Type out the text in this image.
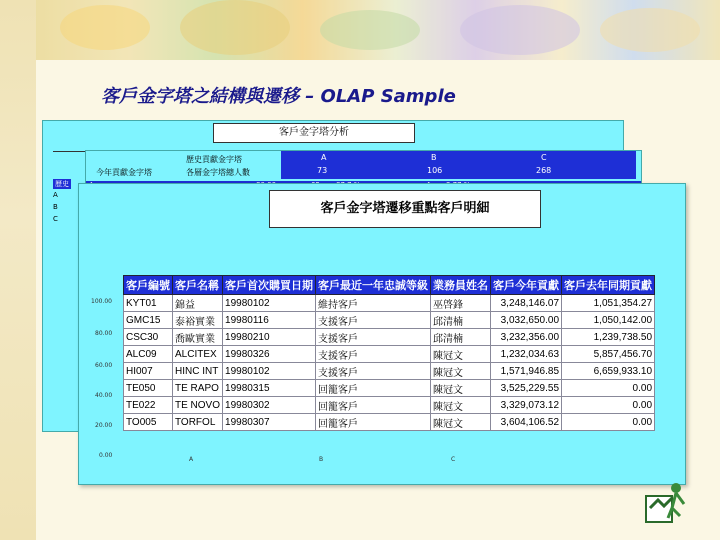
客戶金字塔之結構與遷移 – OLAP Sample
客戶金字塔分析
歷史
A
B
C
歷史貢獻金字塔
今年貢獻金字塔	各層金字塔總人數
A	B	C
73	106	268
客戶金字塔遷移重點客戶明細
100.00
80.00
60.00
40.00
20.00
0.00
客戶編號	客戶名稱	客戶首次購買日期	客戶最近一年忠誠等級	業務員姓名	客戶今年貢獻	客戶去年同期貢獻
KYT01	錦益	19980102	維持客戶	巫啓鋒	3,248,146.07	1,051,354.27
GMC15	泰裕實業	19980116	支援客戶	邱清楠	3,032,650.00	1,050,142.00
CSC30	喬歐實業	19980210	支援客戶	邱清楠	3,232,356.00	1,239,738.50
ALC09	ALCITEX	19980326	支援客戶	陳冠文	1,232,034.63	5,857,456.70
HI007	HINC INT	19980102	支援客戶	陳冠文	1,571,946.85	6,659,933.10
TE050	TE RAPO	19980315	回籠客戶	陳冠文	3,525,229.55	0.00
TE022	TE NOVO	19980302	回籠客戶	陳冠文	3,329,073.12	0.00
TO005	TORFOL	19980307	回籠客戶	陳冠文	3,604,106.52	0.00
A	B	C
